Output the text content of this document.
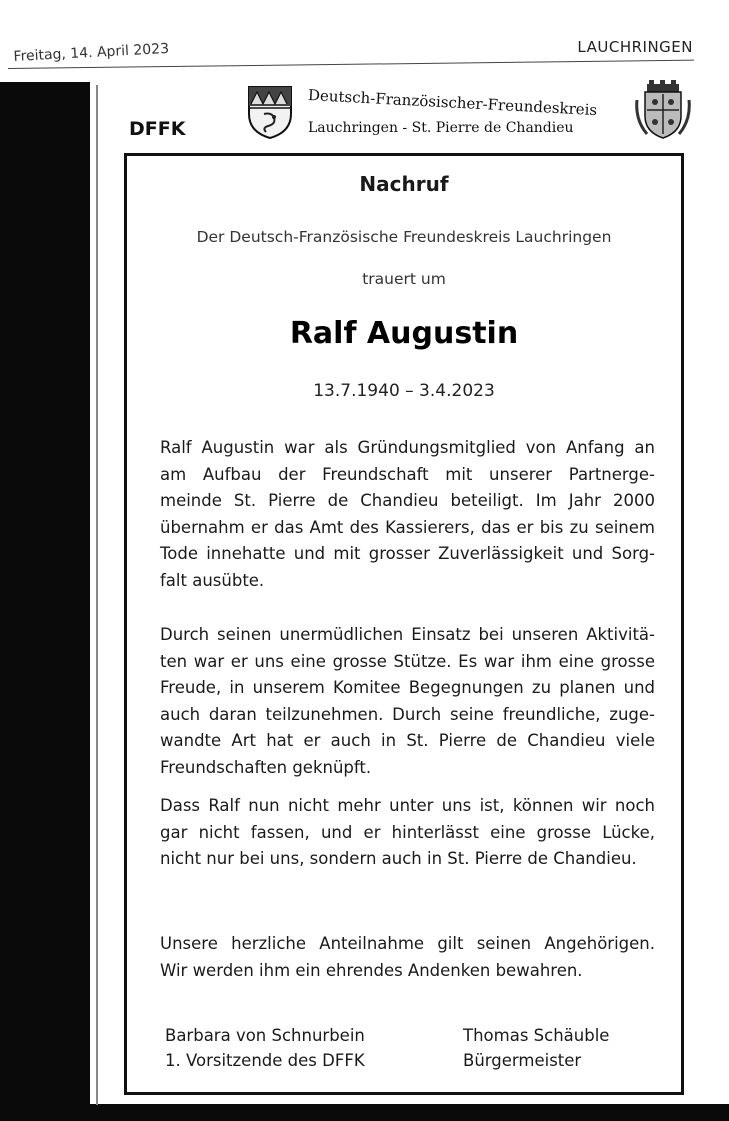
Freitag, 14. April 2023	LAUCHRINGEN
DFFK
Deutsch-Französischer-Freundeskreis
Lauchringen - St. Pierre de Chandieu
Nachruf
Der Deutsch-Französische Freundeskreis Lauchringen
trauert um
Ralf Augustin
13.7.1940 – 3.4.2023
Ralf Augustin war als Gründungsmitglied von Anfang an
am Aufbau der Freundschaft mit unserer Partnerge-
meinde St. Pierre de Chandieu beteiligt. Im Jahr 2000
übernahm er das Amt des Kassierers, das er bis zu seinem
Tode innehatte und mit grosser Zuverlässigkeit und Sorg-
falt ausübte.
Durch seinen unermüdlichen Einsatz bei unseren Aktivitä-
ten war er uns eine grosse Stütze. Es war ihm eine grosse
Freude, in unserem Komitee Begegnungen zu planen und
auch daran teilzunehmen. Durch seine freundliche, zuge-
wandte Art hat er auch in St. Pierre de Chandieu viele
Freundschaften geknüpft.
Dass Ralf nun nicht mehr unter uns ist, können wir noch
gar nicht fassen, und er hinterlässt eine grosse Lücke,
nicht nur bei uns, sondern auch in St. Pierre de Chandieu.
Unsere herzliche Anteilnahme gilt seinen Angehörigen.
Wir werden ihm ein ehrendes Andenken bewahren.
Barbara von Schnurbein
1. Vorsitzende des DFFK
Thomas Schäuble
Bürgermeister
